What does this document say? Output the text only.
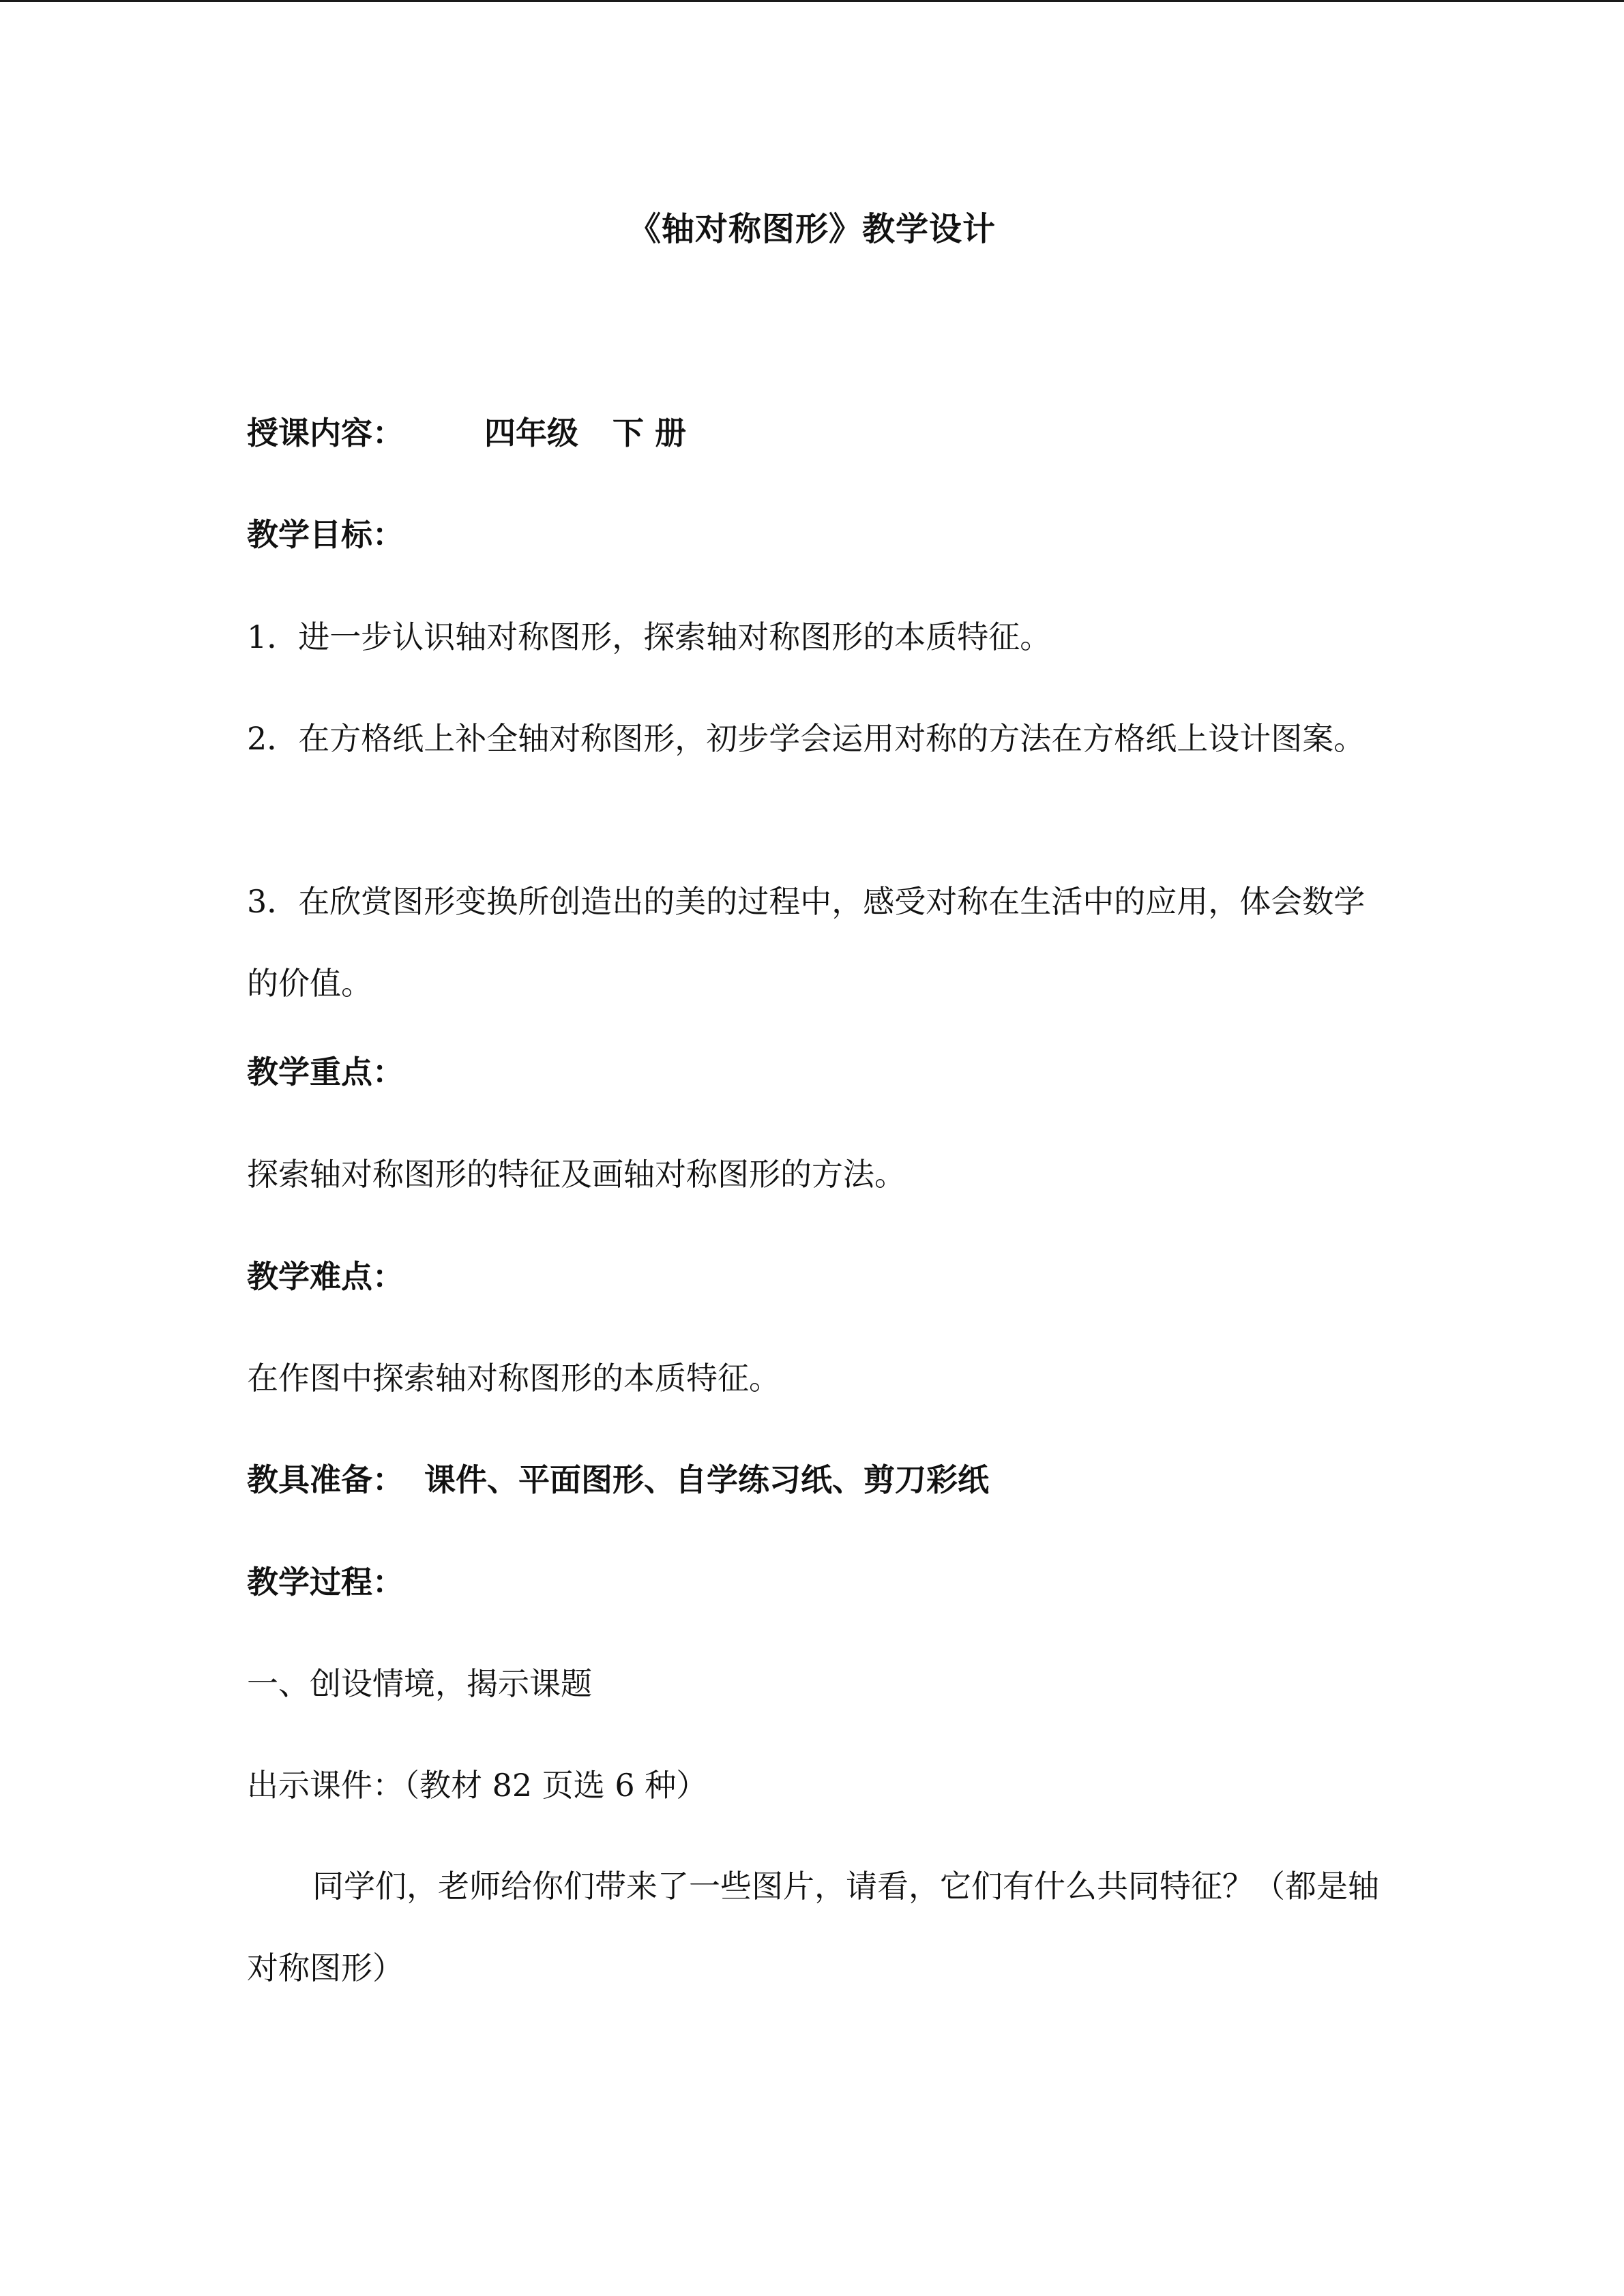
《轴对称图形》教学设计
授课内容：	四年级 下 册
教学目标：
1．进一步认识轴对称图形，探索轴对称图形的本质特征。
2．在方格纸上补全轴对称图形，初步学会运用对称的方法在方格纸上设计图案。
3．在欣赏图形变换所创造出的美的过程中，感受对称在生活中的应用，体会数学的价值。
教学重点：
探索轴对称图形的特征及画轴对称图形的方法。
教学难点：
在作图中探索轴对称图形的本质特征。
教具准备： 课件、平面图形、自学练习纸、剪刀彩纸
教学过程：
一、创设情境，揭示课题
出示课件：（教材 82 页选 6 种）
同学们，老师给你们带来了一些图片，请看，它们有什么共同特征？（都是轴对称图形）
